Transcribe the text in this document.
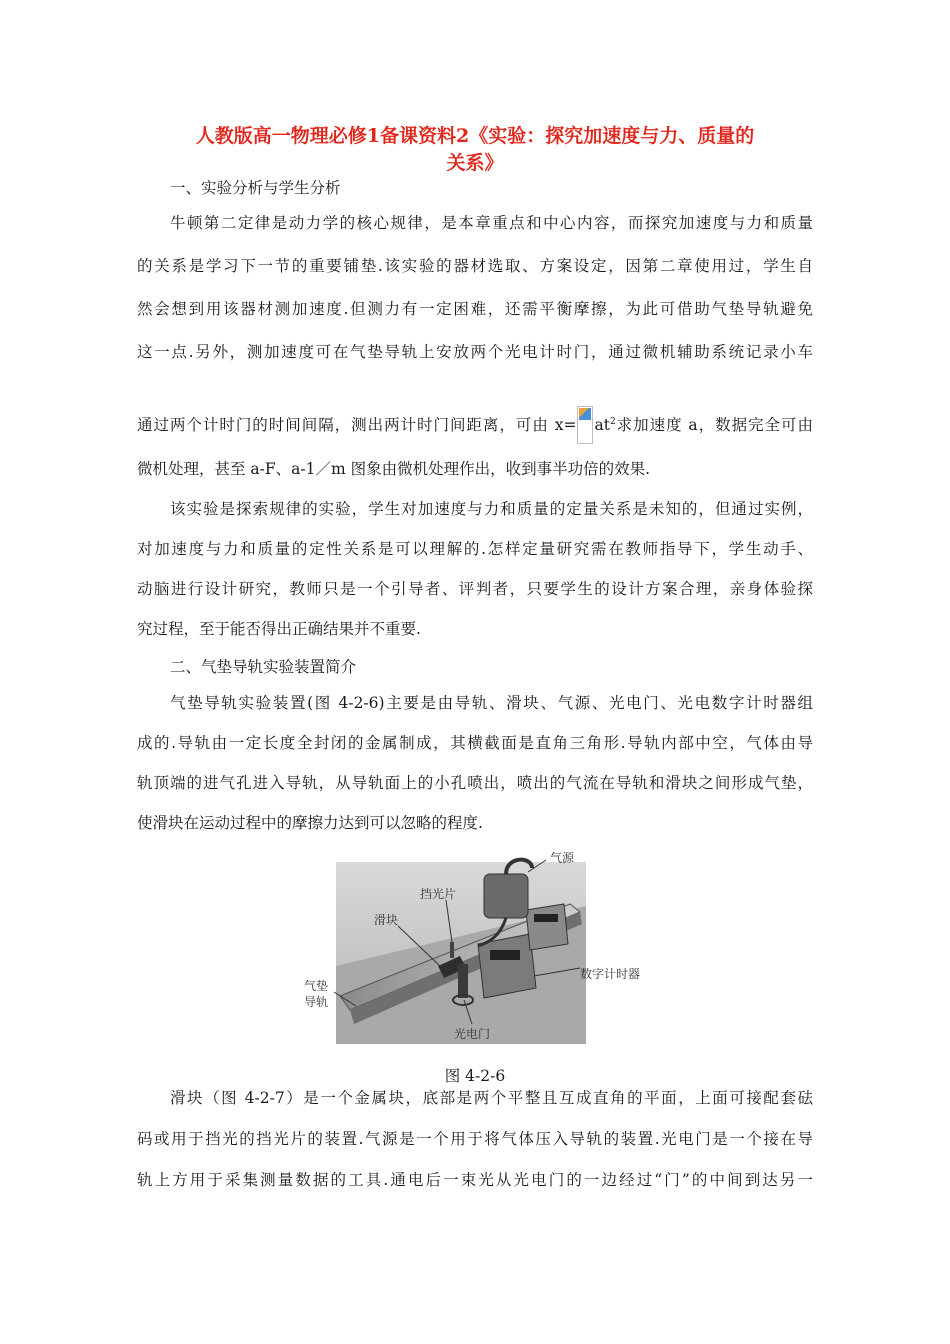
人教版高一物理必修1备课资料2《实验：探究加速度与力、质量的

关系》

一、实验分析与学生分析

牛顿第二定律是动力学的核心规律，是本章重点和中心内容，而探究加速度与力和质量

的关系是学习下一节的重要铺垫.该实验的器材选取、方案设定，因第二章使用过，学生自

然会想到用该器材测加速度.但测力有一定困难，还需平衡摩擦，为此可借助气垫导轨避免

这一点.另外，测加速度可在气垫导轨上安放两个光电计时门，通过微机辅助系统记录小车

通过两个计时门的时间间隔，测出两计时门间距离，可由 $x= at^2$求加速度 a，数据完全可由

微机处理，甚至 a-F、a-1／m 图象由微机处理作出，收到事半功倍的效果.

该实验是探索规律的实验，学生对加速度与力和质量的定量关系是未知的，但通过实例，

对加速度与力和质量的定性关系是可以理解的.怎样定量研究需在教师指导下，学生动手、

动脑进行设计研究，教师只是一个引导者、评判者，只要学生的设计方案合理，亲身体验探

究过程，至于能否得出正确结果并不重要.

二、气垫导轨实验装置简介

气垫导轨实验装置(图 4-2-6)主要是由导轨、滑块、气源、光电门、光电数字计时器组

成的.导轨由一定长度全封闭的金属制成，其横截面是直角三角形.导轨内部中空，气体由导

轨顶端的进气孔进入导轨，从导轨面上的小孔喷出，喷出的气流在导轨和滑块之间形成气垫，

使滑块在运动过程中的摩擦力达到可以忽略的程度.

气源
挡光片
滑块
数字计时器
气垫
导轨
光电门

图 4-2-6

滑块（图 4-2-7）是一个金属块，底部是两个平整且互成直角的平面，上面可接配套砝

码或用于挡光的挡光片的装置.气源是一个用于将气体压入导轨的装置.光电门是一个接在导

轨上方用于采集测量数据的工具.通电后一束光从光电门的一边经过“门”的中间到达另一
